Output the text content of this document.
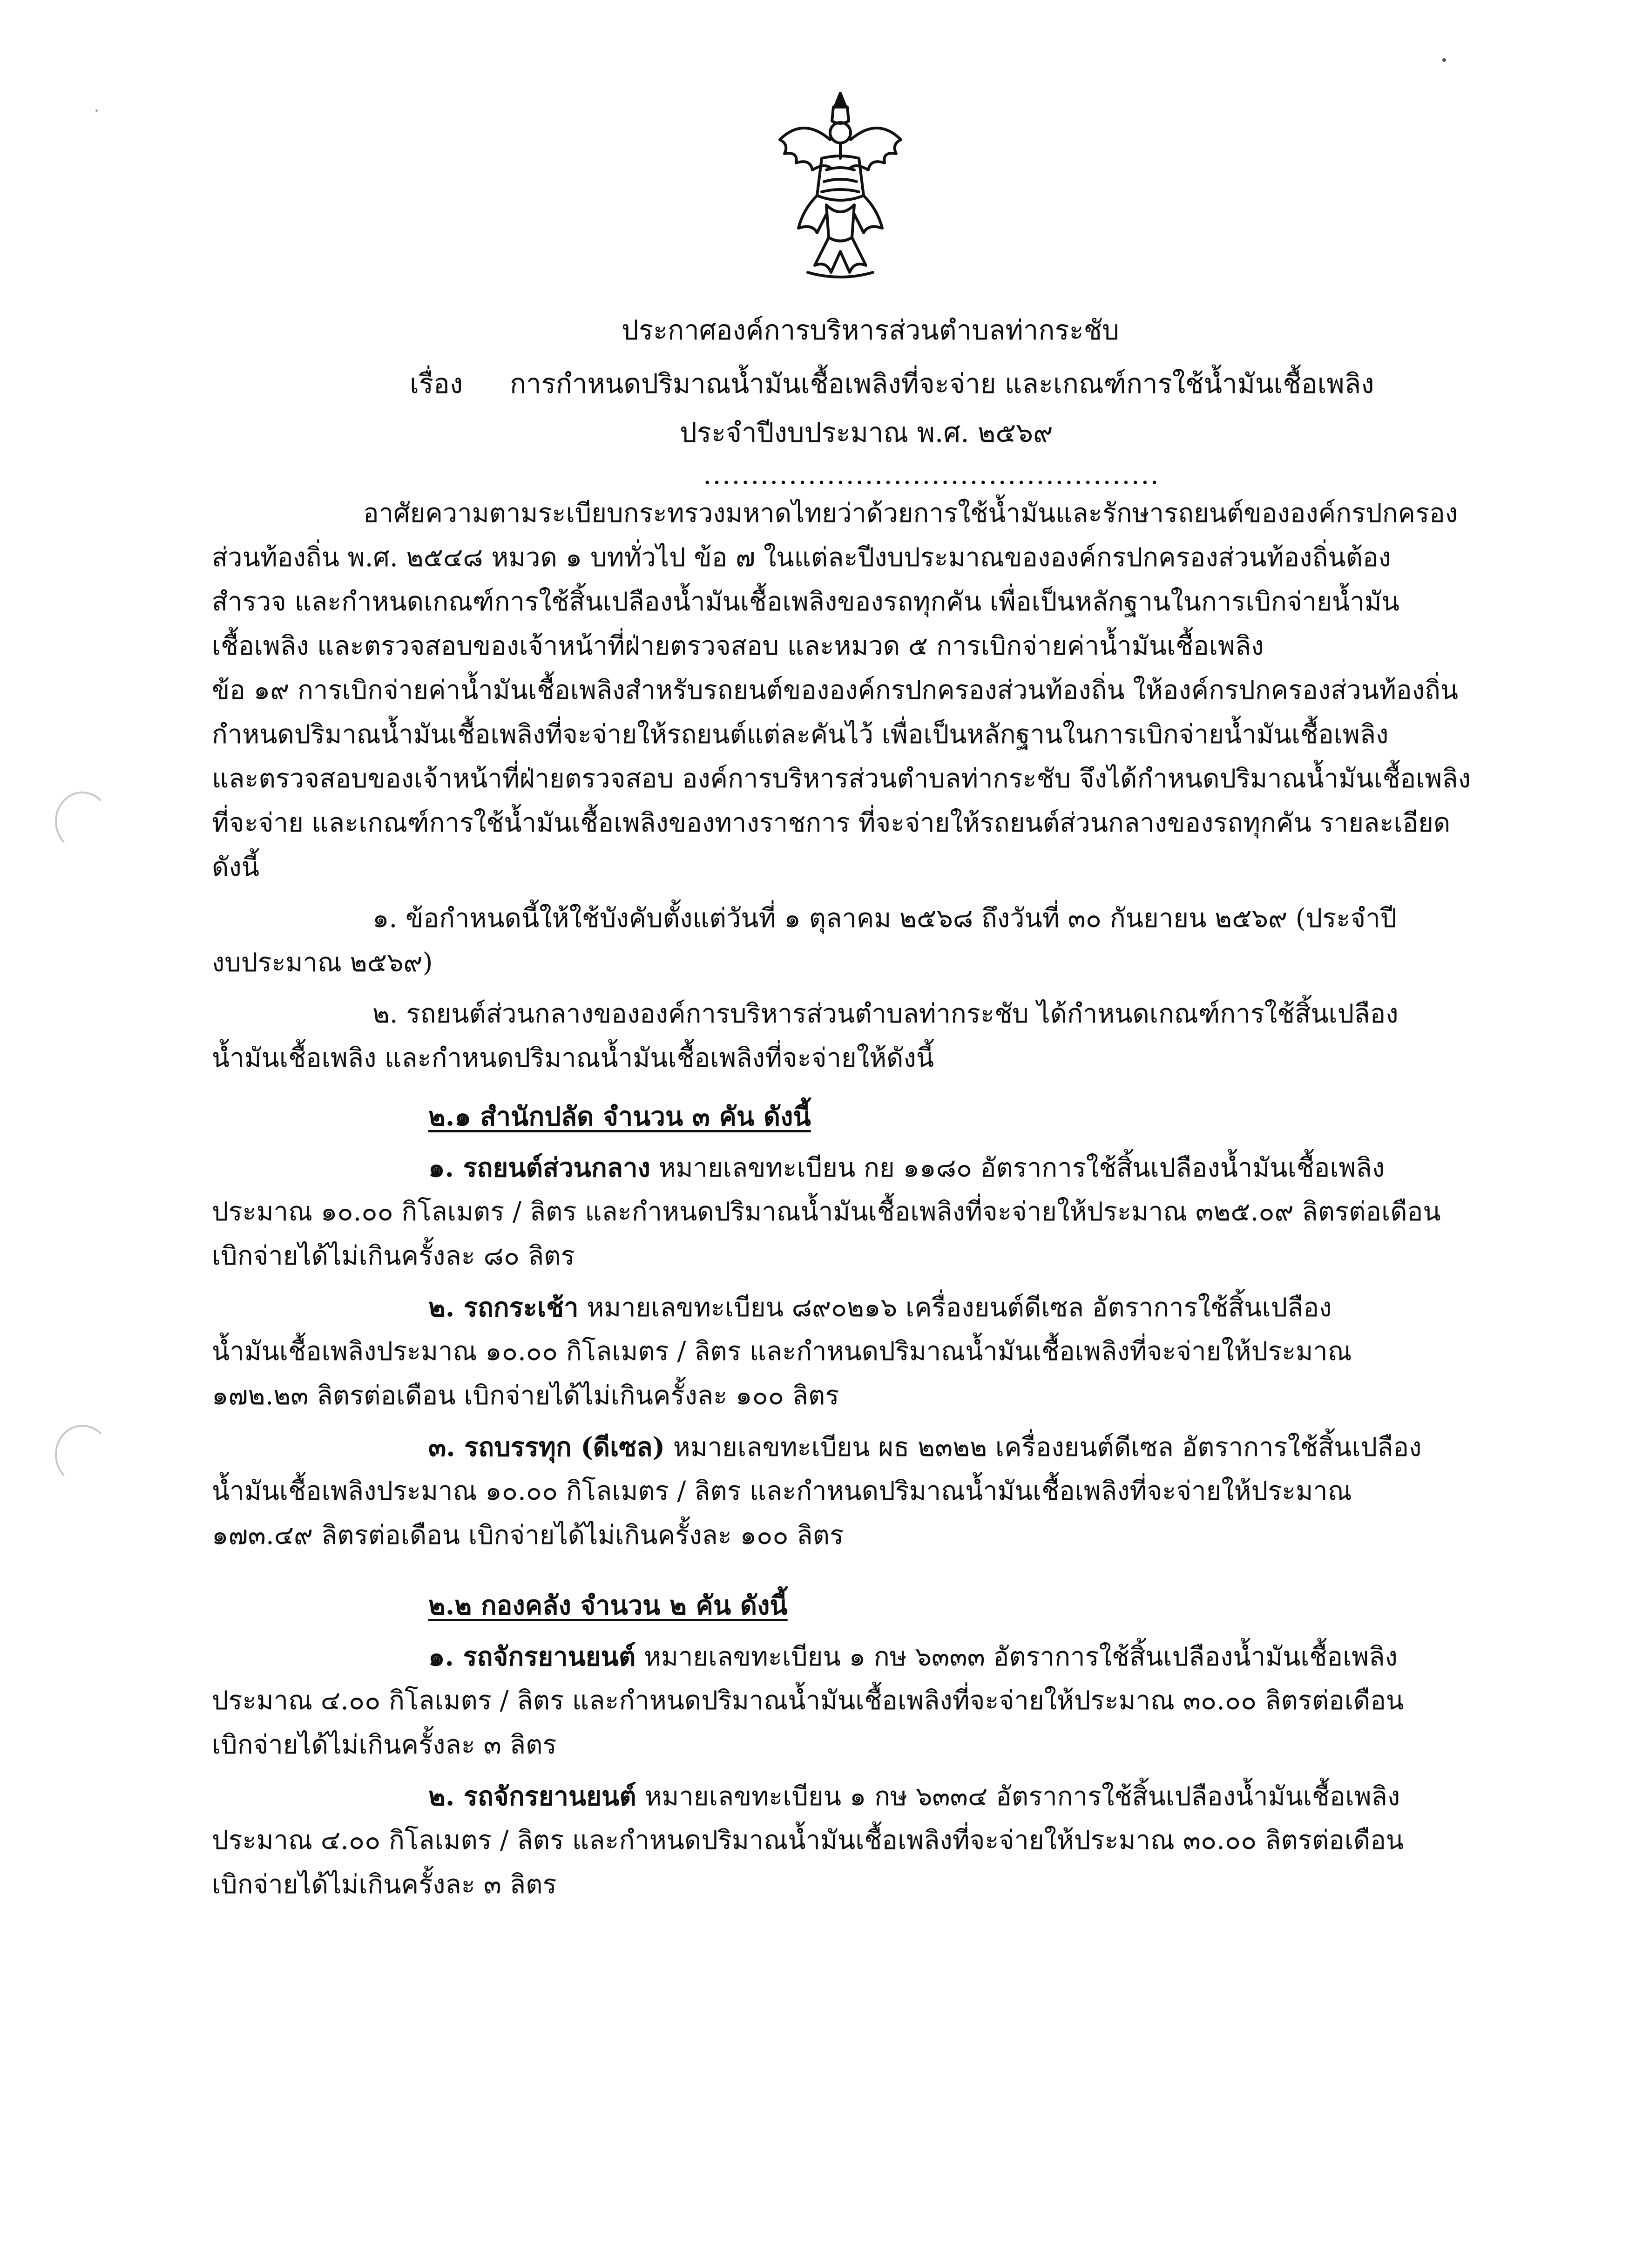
ประกาศองค์การบริหารส่วนตำบลท่ากระชับ
เรื่อง การกำหนดปริมาณน้ำมันเชื้อเพลิงที่จะจ่าย และเกณฑ์การใช้น้ำมันเชื้อเพลิง
ประจำปีงบประมาณ พ.ศ. ๒๕๖๙
................................................
อาศัยความตามระเบียบกระทรวงมหาดไทยว่าด้วยการใช้น้ำมันและรักษารถยนต์ขององค์กรปกครอง
ส่วนท้องถิ่น พ.ศ. ๒๕๔๘ หมวด ๑ บททั่วไป ข้อ ๗ ในแต่ละปีงบประมาณขององค์กรปกครองส่วนท้องถิ่นต้อง
สำรวจ และกำหนดเกณฑ์การใช้สิ้นเปลืองน้ำมันเชื้อเพลิงของรถทุกคัน เพื่อเป็นหลักฐานในการเบิกจ่ายน้ำมัน
เชื้อเพลิง และตรวจสอบของเจ้าหน้าที่ฝ่ายตรวจสอบ และหมวด ๕ การเบิกจ่ายค่าน้ำมันเชื้อเพลิง
ข้อ ๑๙ การเบิกจ่ายค่าน้ำมันเชื้อเพลิงสำหรับรถยนต์ขององค์กรปกครองส่วนท้องถิ่น ให้องค์กรปกครองส่วนท้องถิ่น
กำหนดปริมาณน้ำมันเชื้อเพลิงที่จะจ่ายให้รถยนต์แต่ละคันไว้ เพื่อเป็นหลักฐานในการเบิกจ่ายน้ำมันเชื้อเพลิง
และตรวจสอบของเจ้าหน้าที่ฝ่ายตรวจสอบ องค์การบริหารส่วนตำบลท่ากระชับ จึงได้กำหนดปริมาณน้ำมันเชื้อเพลิง
ที่จะจ่าย และเกณฑ์การใช้น้ำมันเชื้อเพลิงของทางราชการ ที่จะจ่ายให้รถยนต์ส่วนกลางของรถทุกคัน รายละเอียด
ดังนี้
๑. ข้อกำหนดนี้ให้ใช้บังคับตั้งแต่วันที่ ๑ ตุลาคม ๒๕๖๘ ถึงวันที่ ๓๐ กันยายน ๒๕๖๙ (ประจำปี
งบประมาณ ๒๕๖๙)
๒. รถยนต์ส่วนกลางขององค์การบริหารส่วนตำบลท่ากระชับ ได้กำหนดเกณฑ์การใช้สิ้นเปลือง
น้ำมันเชื้อเพลิง และกำหนดปริมาณน้ำมันเชื้อเพลิงที่จะจ่ายให้ดังนี้
๒.๑ สำนักปลัด จำนวน ๓ คัน ดังนี้
๑. รถยนต์ส่วนกลาง หมายเลขทะเบียน กย ๑๑๘๐ อัตราการใช้สิ้นเปลืองน้ำมันเชื้อเพลิง
ประมาณ ๑๐.๐๐ กิโลเมตร / ลิตร และกำหนดปริมาณน้ำมันเชื้อเพลิงที่จะจ่ายให้ประมาณ ๓๒๕.๐๙ ลิตรต่อเดือน
เบิกจ่ายได้ไม่เกินครั้งละ ๘๐ ลิตร
๒. รถกระเช้า หมายเลขทะเบียน ๘๙๐๒๑๖ เครื่องยนต์ดีเซล อัตราการใช้สิ้นเปลือง
น้ำมันเชื้อเพลิงประมาณ ๑๐.๐๐ กิโลเมตร / ลิตร และกำหนดปริมาณน้ำมันเชื้อเพลิงที่จะจ่ายให้ประมาณ
๑๗๒.๒๓ ลิตรต่อเดือน เบิกจ่ายได้ไม่เกินครั้งละ ๑๐๐ ลิตร
๓. รถบรรทุก (ดีเซล) หมายเลขทะเบียน ผธ ๒๓๒๒ เครื่องยนต์ดีเซล อัตราการใช้สิ้นเปลือง
น้ำมันเชื้อเพลิงประมาณ ๑๐.๐๐ กิโลเมตร / ลิตร และกำหนดปริมาณน้ำมันเชื้อเพลิงที่จะจ่ายให้ประมาณ
๑๗๓.๔๙ ลิตรต่อเดือน เบิกจ่ายได้ไม่เกินครั้งละ ๑๐๐ ลิตร
๒.๒ กองคลัง จำนวน ๒ คัน ดังนี้
๑. รถจักรยานยนต์ หมายเลขทะเบียน ๑ กษ ๖๓๓๓ อัตราการใช้สิ้นเปลืองน้ำมันเชื้อเพลิง
ประมาณ ๔.๐๐ กิโลเมตร / ลิตร และกำหนดปริมาณน้ำมันเชื้อเพลิงที่จะจ่ายให้ประมาณ ๓๐.๐๐ ลิตรต่อเดือน
เบิกจ่ายได้ไม่เกินครั้งละ ๓ ลิตร
๒. รถจักรยานยนต์ หมายเลขทะเบียน ๑ กษ ๖๓๓๔ อัตราการใช้สิ้นเปลืองน้ำมันเชื้อเพลิง
ประมาณ ๔.๐๐ กิโลเมตร / ลิตร และกำหนดปริมาณน้ำมันเชื้อเพลิงที่จะจ่ายให้ประมาณ ๓๐.๐๐ ลิตรต่อเดือน
เบิกจ่ายได้ไม่เกินครั้งละ ๓ ลิตร
